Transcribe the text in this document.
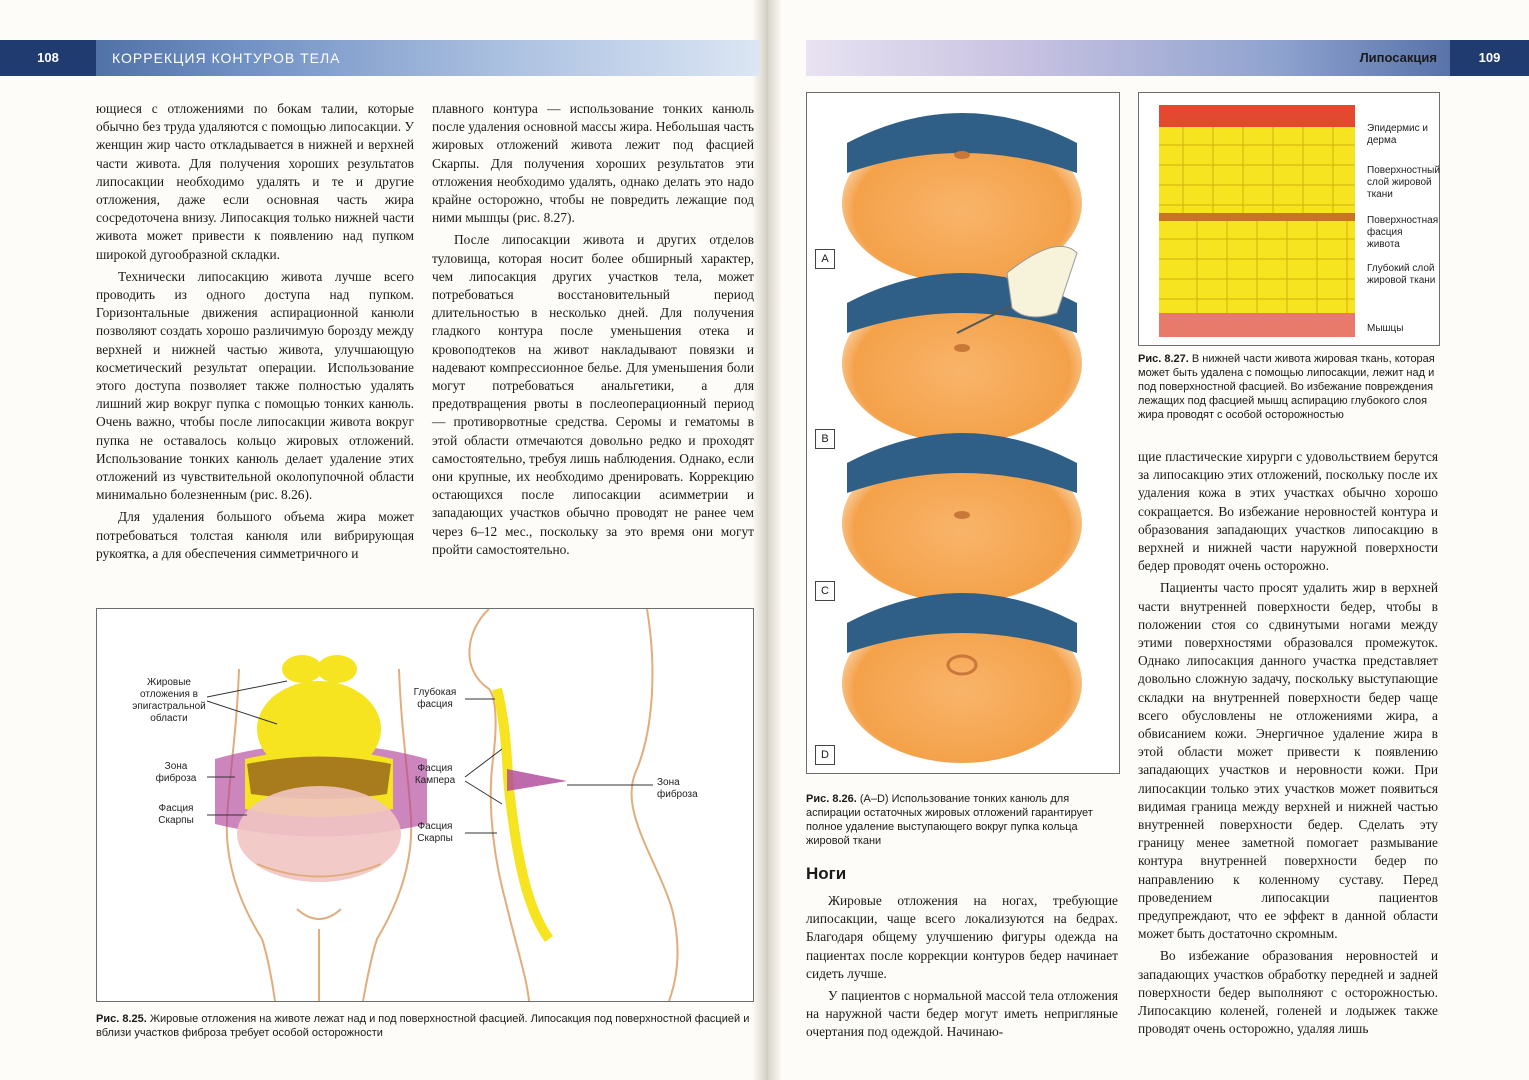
108	КОРРЕКЦИЯ КОНТУРОВ ТЕЛА	Липосакция	109

ющиеся с отложениями по бокам талии, которые обычно без труда удаляются с помощью липосакции. У женщин жир часто откладывается в нижней и верхней части живота. Для получения хороших результатов липосакции необходимо удалять и те и другие отложения, даже если основная часть жира сосредоточена внизу. Липосакция только нижней части живота может привести к появлению над пупком широкой дугообразной складки.

Технически липосакцию живота лучше всего проводить из одного доступа над пупком. Горизонтальные движения аспирационной канюли позволяют создать хорошо различимую борозду между верхней и нижней частью живота, улучшающую косметический результат операции. Использование этого доступа позволяет также полностью удалять лишний жир вокруг пупка с помощью тонких канюль. Очень важно, чтобы после липосакции живота вокруг пупка не оставалось кольцо жировых отложений. Использование тонких канюль делает удаление этих отложений из чувствительной околопупочной области минимально болезненным (рис. 8.26).

Для удаления большого объема жира может потребоваться толстая канюля или вибрирующая рукоятка, а для обеспечения симметричного и

плавного контура — использование тонких канюль после удаления основной массы жира. Небольшая часть жировых отложений живота лежит под фасцией Скарпы. Для получения хороших результатов эти отложения необходимо удалять, однако делать это надо крайне осторожно, чтобы не повредить лежащие под ними мышцы (рис. 8.27).

После липосакции живота и других отделов туловища, которая носит более обширный характер, чем липосакция других участков тела, может потребоваться восстановительный период длительностью в несколько дней. Для получения гладкого контура после уменьшения отека и кровоподтеков на живот накладывают повязки и надевают компрессионное белье. Для уменьшения боли могут потребоваться анальгетики, а для предотвращения рвоты в послеоперационный период — противорвотные средства. Серомы и гематомы в этой области отмечаются довольно редко и проходят самостоятельно, требуя лишь наблюдения. Однако, если они крупные, их необходимо дренировать. Коррекцию остающихся после липосакции асимметрии и западающих участков обычно проводят не ранее чем через 6–12 мес., поскольку за это время они могут пройти самостоятельно.

Жировые отложения в эпигастральной области
Зона фиброза
Фасция Скарпы
Глубокая фасция
Фасция Кампера
Фасция Скарпы
Зона фиброза
Рис. 8.25. Жировые отложения на животе лежат над и под поверхностной фасцией. Липосакция под поверхностной фасцией и вблизи участков фиброза требует особой осторожности
A
B
C
D
Рис. 8.26. (A–D) Использование тонких канюль для аспирации остаточных жировых отложений гарантирует полное удаление выступающего вокруг пупка кольца жировой ткани
Эпидермис и дерма
Поверхностный слой жировой ткани
Поверхностная фасция живота
Глубокий слой жировой ткани
Мышцы
Рис. 8.27. В нижней части живота жировая ткань, которая может быть удалена с помощью липосакции, лежит над и под поверхностной фасцией. Во избежание повреждения лежащих под фасцией мышц аспирацию глубокого слоя жира проводят с особой осторожностью
Ноги

Жировые отложения на ногах, требующие липосакции, чаще всего локализуются на бедрах. Благодаря общему улучшению фигуры одежда на пациентах после коррекции контуров бедер начинает сидеть лучше.

У пациентов с нормальной массой тела отложения на наружной части бедер могут иметь непригляные очертания под одеждой. Начинаю-

щие пластические хирурги с удовольствием берутся за липосакцию этих отложений, поскольку после их удаления кожа в этих участках обычно хорошо сокращается. Во избежание неровностей контура и образования западающих участков липосакцию в верхней и нижней части наружной поверхности бедер проводят очень осторожно.

Пациенты часто просят удалить жир в верхней части внутренней поверхности бедер, чтобы в положении стоя со сдвинутыми ногами между этими поверхностями образовался промежуток. Однако липосакция данного участка представляет довольно сложную задачу, поскольку выступающие складки на внутренней поверхности бедер чаще всего обусловлены не отложениями жира, а обвисанием кожи. Энергичное удаление жира в этой области может привести к появлению западающих участков и неровности кожи. При липосакции только этих участков может появиться видимая граница между верхней и нижней частью внутренней поверхности бедер. Сделать эту границу менее заметной помогает размывание контура внутренней поверхности бедер по направлению к коленному суставу. Перед проведением липосакции пациентов предупреждают, что ее эффект в данной области может быть достаточно скромным.

Во избежание образования неровностей и западающих участков обработку передней и задней поверхности бедер выполняют с осторожностью. Липосакцию коленей, голеней и лодыжек также проводят очень осторожно, удаляя лишь
